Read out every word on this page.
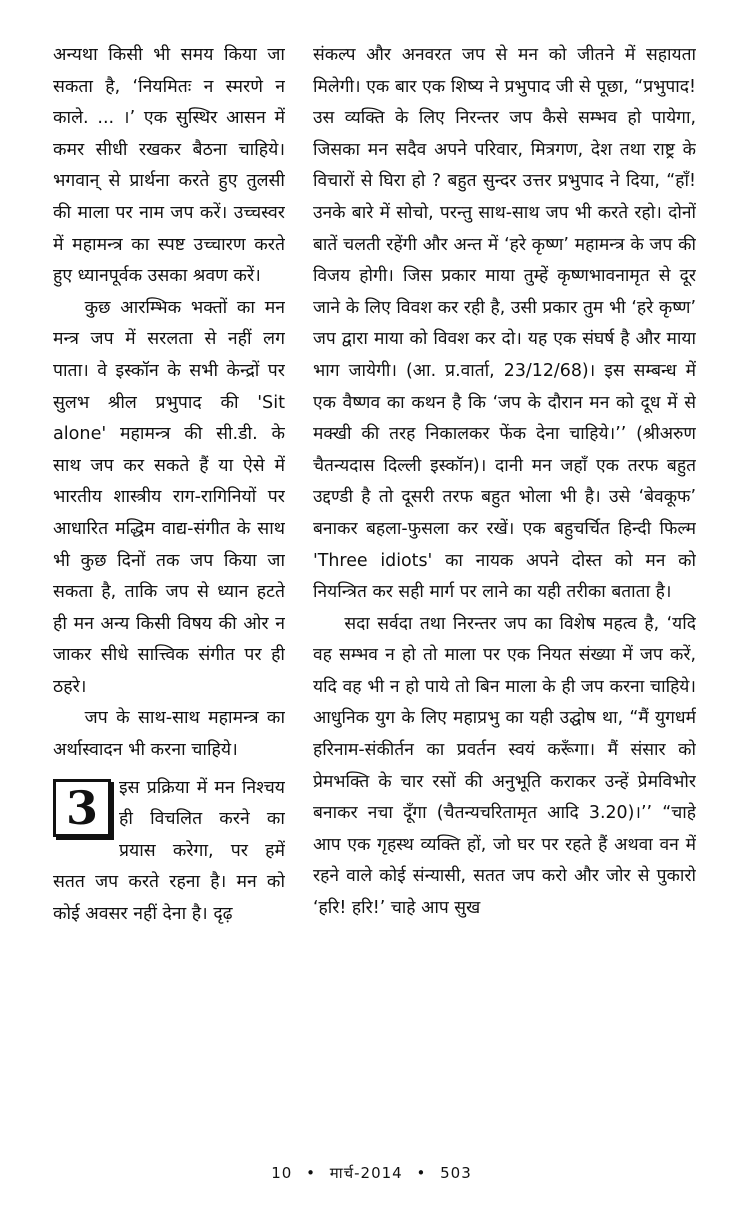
अन्यथा किसी भी समय किया जा सकता है, ‘नियमितः न स्मरणे न काले. ... ।’ एक सुस्थिर आसन में कमर सीधी रखकर बैठना चाहिये। भगवान् से प्रार्थना करते हुए तुलसी की माला पर नाम जप करें। उच्चस्वर में महामन्त्र का स्पष्ट उच्चारण करते हुए ध्यानपूर्वक उसका श्रवण करें।

कुछ आरम्भिक भक्तों का मन मन्त्र जप में सरलता से नहीं लग पाता। वे इस्कॉन के सभी केन्द्रों पर सुलभ श्रील प्रभुपाद की 'Sit alone' महामन्त्र की सी.डी. के साथ जप कर सकते हैं या ऐसे में भारतीय शास्त्रीय राग-रागिनियों पर आधारित मद्धिम वाद्य-संगीत के साथ भी कुछ दिनों तक जप किया जा सकता है, ताकि जप से ध्यान हटते ही मन अन्य किसी विषय की ओर न जाकर सीधे सात्त्विक संगीत पर ही ठहरे।

जप के साथ-साथ महामन्त्र का अर्थास्वादन भी करना चाहिये।

3	इस प्रक्रिया में मन निश्चय ही विचलित करने का प्रयास करेगा, पर हमें सतत जप करते रहना है। मन को कोई अवसर नहीं देना है। दृढ़

संकल्प और अनवरत जप से मन को जीतने में सहायता मिलेगी। एक बार एक शिष्य ने प्रभुपाद जी से पूछा, “प्रभुपाद! उस व्यक्ति के लिए निरन्तर जप कैसे सम्भव हो पायेगा, जिसका मन सदैव अपने परिवार, मित्रगण, देश तथा राष्ट्र के विचारों से घिरा हो ? बहुत सुन्दर उत्तर प्रभुपाद ने दिया, “हाँ! उनके बारे में सोचो, परन्तु साथ-साथ जप भी करते रहो। दोनों बातें चलती रहेंगी और अन्त में ‘हरे कृष्ण’ महामन्त्र के जप की विजय होगी। जिस प्रकार माया तुम्हें कृष्णभावनामृत से दूर जाने के लिए विवश कर रही है, उसी प्रकार तुम भी ‘हरे कृष्ण’ जप द्वारा माया को विवश कर दो। यह एक संघर्ष है और माया भाग जायेगी। (आ. प्र.वार्ता, 23/12/68)। इस सम्बन्ध में एक वैष्णव का कथन है कि ‘जप के दौरान मन को दूध में से मक्खी की तरह निकालकर फेंक देना चाहिये।’’ (श्रीअरुण चैतन्यदास दिल्ली इस्कॉन)। दानी मन जहाँ एक तरफ बहुत उद्दण्डी है तो दूसरी तरफ बहुत भोला भी है। उसे ‘बेवकूफ’ बनाकर बहला-फुसला कर रखें। एक बहुचर्चित हिन्दी फिल्म 'Three idiots' का नायक अपने दोस्त को मन को नियन्त्रित कर सही मार्ग पर लाने का यही तरीका बताता है।

सदा सर्वदा तथा निरन्तर जप का विशेष महत्व है, ‘यदि वह सम्भव न हो तो माला पर एक नियत संख्या में जप करें, यदि वह भी न हो पाये तो बिन माला के ही जप करना चाहिये। आधुनिक युग के लिए महाप्रभु का यही उद्घोष था, “मैं युगधर्म हरिनाम-संकीर्तन का प्रवर्तन स्वयं करूँगा। मैं संसार को प्रेमभक्ति के चार रसों की अनुभूति कराकर उन्हें प्रेमविभोर बनाकर नचा दूँगा (चैतन्यचरितामृत आदि 3.20)।’’ “चाहे आप एक गृहस्थ व्यक्ति हों, जो घर पर रहते हैं अथवा वन में रहने वाले कोई संन्यासी, सतत जप करो और जोर से पुकारो ‘हरि! हरि!’ चाहे आप सुख

10 • मार्च-2014 • 503
